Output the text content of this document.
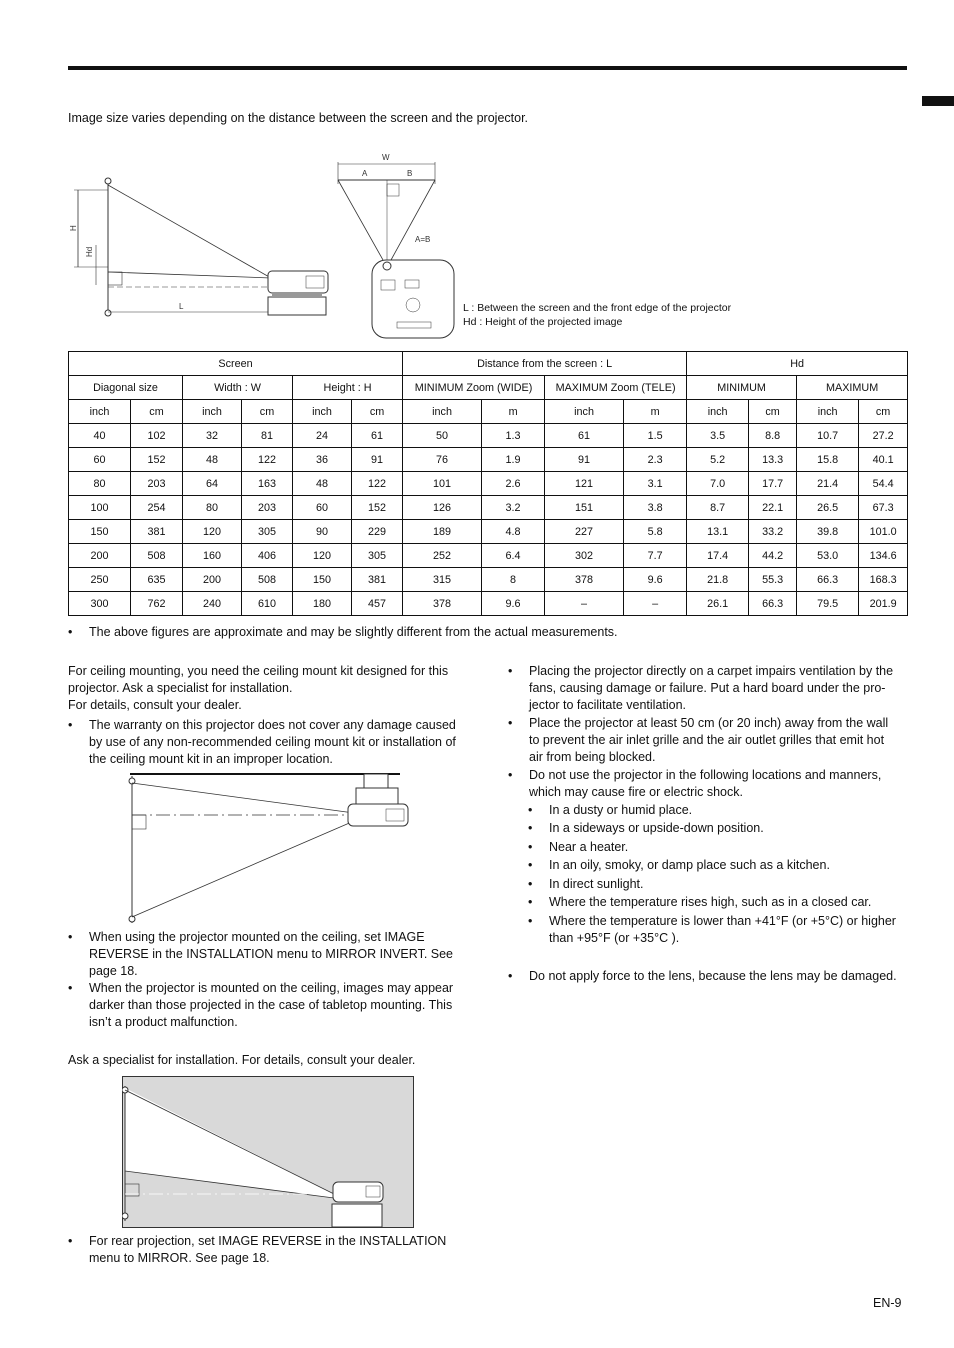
Image size varies depending on the distance between the screen and the projector.
H
Hd
L
W
A	B
A=B
L : Between the screen and the front edge of the projector
Hd : Height of the projected image
Screen						Distance from the screen : L				Hd			
Diagonal size		Width : W		Height : H		MINIMUM Zoom (WIDE)		MAXIMUM Zoom (TELE)		MINIMUM		MAXIMUM	
inch	cm	inch	cm	inch	cm	inch	m	inch	m	inch	cm	inch	cm
40	102	32	81	24	61	50	1.3	61	1.5	3.5	8.8	10.7	27.2
60	152	48	122	36	91	76	1.9	91	2.3	5.2	13.3	15.8	40.1
80	203	64	163	48	122	101	2.6	121	3.1	7.0	17.7	21.4	54.4
100	254	80	203	60	152	126	3.2	151	3.8	8.7	22.1	26.5	67.3
150	381	120	305	90	229	189	4.8	227	5.8	13.1	33.2	39.8	101.0
200	508	160	406	120	305	252	6.4	302	7.7	17.4	44.2	53.0	134.6
250	635	200	508	150	381	315	8	378	9.6	21.8	55.3	66.3	168.3
300	762	240	610	180	457	378	9.6	–	–	26.1	66.3	79.5	201.9
• The above figures are approximate and may be slightly different from the actual measurements.
For ceiling mounting, you need the ceiling mount kit designed for this
projector. Ask a specialist for installation.
For details, consult your dealer.
• The warranty on this projector does not cover any damage caused
by use of any non-recommended ceiling mount kit or installation of
the ceiling mount kit in an improper location.
• When using the projector mounted on the ceiling, set IMAGE
REVERSE in the INSTALLATION menu to MIRROR INVERT. See
page 18.
• When the projector is mounted on the ceiling, images may appear
darker than those projected in the case of tabletop mounting. This
isn’t a product malfunction.
Ask a specialist for installation. For details, consult your dealer.
• For rear projection, set IMAGE REVERSE in the INSTALLATION
menu to MIRROR. See page 18.
• Placing the projector directly on a carpet impairs ventilation by the
fans, causing damage or failure. Put a hard board under the pro-
jector to facilitate ventilation.
• Place the projector at least 50 cm (or 20 inch) away from the wall
to prevent the air inlet grille and the air outlet grilles that emit hot
air from being blocked.
• Do not use the projector in the following locations and manners,
which may cause fire or electric shock.
• In a dusty or humid place.
• In a sideways or upside-down position.
• Near a heater.
• In an oily, smoky, or damp place such as a kitchen.
• In direct sunlight.
• Where the temperature rises high, such as in a closed car.
• Where the temperature is lower than +41°F (or +5°C) or higher
than +95°F (or +35°C ).
• Do not apply force to the lens, because the lens may be damaged.
EN-9
